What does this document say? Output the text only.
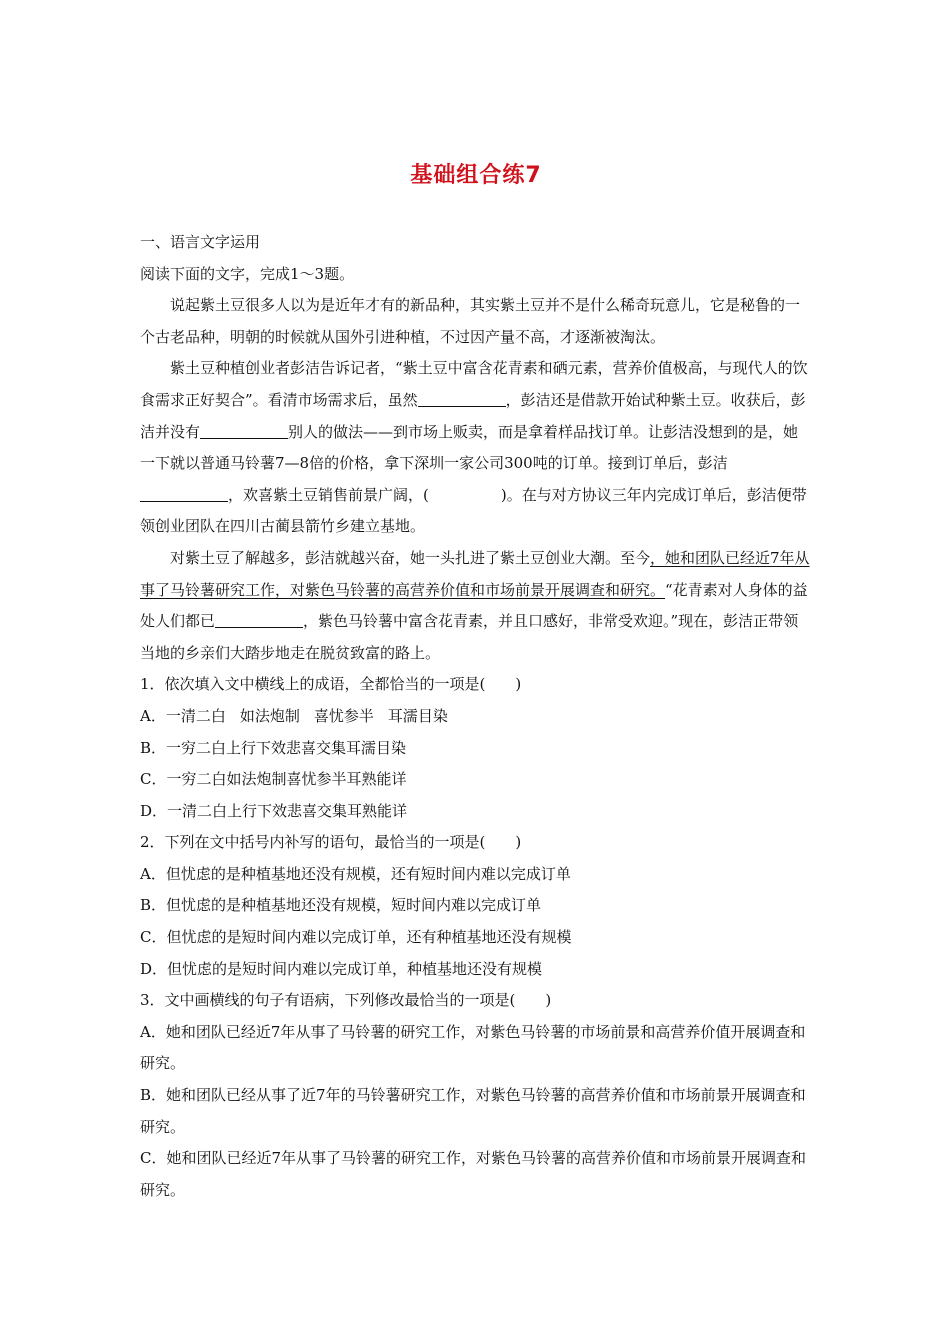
基础组合练7

一、语言文字运用

阅读下面的文字，完成1～3题。

说起紫土豆很多人以为是近年才有的新品种，其实紫土豆并不是什么稀奇玩意儿，它是秘鲁的一个古老品种，明朝的时候就从国外引进种植，不过因产量不高，才逐渐被淘汰。

紫土豆种植创业者彭洁告诉记者，“紫土豆中富含花青素和硒元素，营养价值极高，与现代人的饮食需求正好契合”。看清市场需求后，虽然	，彭洁还是借款开始试种紫土豆。收获后，彭洁并没有	别人的做法——到市场上贩卖，而是拿着样品找订单。让彭洁没想到的是，她一下就以普通马铃薯7—8倍的价格，拿下深圳一家公司300吨的订单。接到订单后，彭洁，欢喜紫土豆销售前景广阔，(	)。在与对方协议三年内完成订单后，彭洁便带领创业团队在四川古蔺县箭竹乡建立基地。

对紫土豆了解越多，彭洁就越兴奋，她一头扎进了紫土豆创业大潮。至今，她和团队已经近7年从事了马铃薯研究工作，对紫色马铃薯的高营养价值和市场前景开展调查和研究。“花青素对人身体的益处人们都已	，紫色马铃薯中富含花青素，并且口感好，非常受欢迎。”现在，彭洁正带领当地的乡亲们大踏步地走在脱贫致富的路上。

1．依次填入文中横线上的成语，全都恰当的一项是( )

A．一清二白 如法炮制 喜忧参半 耳濡目染

B．一穷二白上行下效悲喜交集耳濡目染

C．一穷二白如法炮制喜忧参半耳熟能详

D．一清二白上行下效悲喜交集耳熟能详

2．下列在文中括号内补写的语句，最恰当的一项是( )

A．但忧虑的是种植基地还没有规模，还有短时间内难以完成订单

B．但忧虑的是种植基地还没有规模，短时间内难以完成订单

C．但忧虑的是短时间内难以完成订单，还有种植基地还没有规模

D．但忧虑的是短时间内难以完成订单，种植基地还没有规模

3．文中画横线的句子有语病，下列修改最恰当的一项是( )

A．她和团队已经近7年从事了马铃薯的研究工作，对紫色马铃薯的市场前景和高营养价值开展调查和研究。

B．她和团队已经从事了近7年的马铃薯研究工作，对紫色马铃薯的高营养价值和市场前景开展调查和研究。

C．她和团队已经近7年从事了马铃薯的研究工作，对紫色马铃薯的高营养价值和市场前景开展调查和研究。
